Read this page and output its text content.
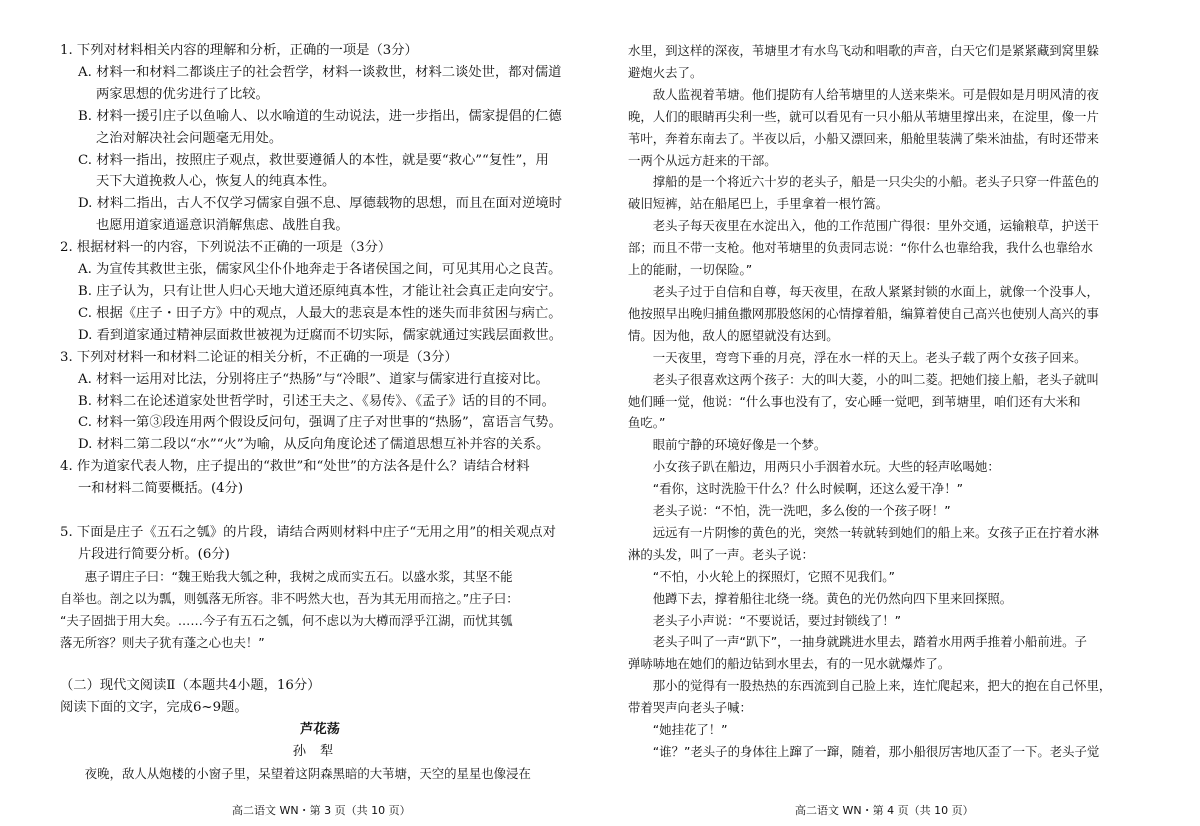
1. 下列对材料相关内容的理解和分析，正确的一项是（3分）
A. 材料一和材料二都谈庄子的社会哲学，材料一谈救世，材料二谈处世，都对儒道
两家思想的优劣进行了比较。
B. 材料一援引庄子以鱼喻人、以水喻道的生动说法，进一步指出，儒家提倡的仁德
之治对解决社会问题毫无用处。
C. 材料一指出，按照庄子观点，救世要遵循人的本性，就是要“救心”“复性”，用
天下大道挽救人心，恢复人的纯真本性。
D. 材料二指出，古人不仅学习儒家自强不息、厚德载物的思想，而且在面对逆境时
也愿用道家逍遥意识消解焦虑、战胜自我。
2. 根据材料一的内容，下列说法不正确的一项是（3分）
A. 为宣传其救世主张，儒家风尘仆仆地奔走于各诸侯国之间，可见其用心之良苦。
B. 庄子认为，只有让世人归心天地大道还原纯真本性，才能让社会真正走向安宁。
C. 根据《庄子・田子方》中的观点，人最大的悲哀是本性的迷失而非贫困与病亡。
D. 看到道家通过精神层面救世被视为迂腐而不切实际，儒家就通过实践层面救世。
3. 下列对材料一和材料二论证的相关分析，不正确的一项是（3分）
A. 材料一运用对比法，分别将庄子“热肠”与“冷眼”、道家与儒家进行直接对比。
B. 材料二在论述道家处世哲学时，引述王夫之、《易传》、《孟子》话的目的不同。
C. 材料一第③段连用两个假设反问句，强调了庄子对世事的“热肠”，富语言气势。
D. 材料二第二段以“水”“火”为喻，从反向角度论述了儒道思想互补并容的关系。
4. 作为道家代表人物，庄子提出的“救世”和“处世”的方法各是什么？请结合材料
一和材料二简要概括。(4分)
5. 下面是庄子《五石之瓠》的片段，请结合两则材料中庄子“无用之用”的相关观点对
片段进行简要分析。(6分)
惠子谓庄子曰：“魏王贻我大瓠之种，我树之成而实五石。以盛水浆，其坚不能
自举也。剖之以为瓢，则瓠落无所容。非不呺然大也，吾为其无用而掊之。”庄子曰：
“夫子固拙于用大矣。……今子有五石之瓠，何不虑以为大樽而浮乎江湖，而忧其瓠
落无所容？则夫子犹有蓬之心也夫！”
（二）现代文阅读Ⅱ（本题共4小题，16分）
阅读下面的文字，完成6~9题。
芦花荡
孙犁
夜晚，敌人从炮楼的小窗子里，呆望着这阴森黑暗的大苇塘，天空的星星也像浸在
水里，到这样的深夜，苇塘里才有水鸟飞动和唱歌的声音，白天它们是紧紧藏到窝里躲
避炮火去了。
敌人监视着苇塘。他们提防有人给苇塘里的人送来柴米。可是假如是月明风清的夜
晚，人们的眼睛再尖利一些，就可以看见有一只小船从苇塘里撑出来，在淀里，像一片
苇叶，奔着东南去了。半夜以后，小船又漂回来，船舱里装满了柴米油盐，有时还带来
一两个从远方赶来的干部。
撑船的是一个将近六十岁的老头子，船是一只尖尖的小船。老头子只穿一件蓝色的
破旧短裤，站在船尾巴上，手里拿着一根竹篙。
老头子每天夜里在水淀出入，他的工作范围广得很：里外交通，运输粮草，护送干
部；而且不带一支枪。他对苇塘里的负责同志说：“你什么也靠给我，我什么也靠给水
上的能耐，一切保险。”
老头子过于自信和自尊，每天夜里，在敌人紧紧封锁的水面上，就像一个没事人，
他按照早出晚归捕鱼撒网那股悠闲的心情撑着船，编算着使自己高兴也使别人高兴的事
情。因为他，敌人的愿望就没有达到。
一天夜里，弯弯下垂的月亮，浮在水一样的天上。老头子载了两个女孩子回来。
老头子很喜欢这两个孩子：大的叫大菱，小的叫二菱。把她们接上船，老头子就叫
她们睡一觉，他说：“什么事也没有了，安心睡一觉吧，到苇塘里，咱们还有大米和
鱼吃。”
眼前宁静的环境好像是一个梦。
小女孩子趴在船边，用两只小手洇着水玩。大些的轻声吆喝她：
“看你，这时洗脸干什么？什么时候啊，还这么爱干净！”
老头子说：“不怕，洗一洗吧，多么俊的一个孩子呀！”
远远有一片阴惨的黄色的光，突然一转就转到她们的船上来。女孩子正在拧着水淋
淋的头发，叫了一声。老头子说：
“不怕，小火轮上的探照灯，它照不见我们。”
他蹲下去，撑着船往北绕一绕。黄色的光仍然向四下里来回探照。
老头子小声说：“不要说话，要过封锁线了！”
老头子叫了一声“趴下”，一抽身就跳进水里去，踏着水用两手推着小船前进。子
弹哧哧地在她们的船边钻到水里去，有的一见水就爆炸了。
那小的觉得有一股热热的东西流到自己脸上来，连忙爬起来，把大的抱在自己怀里，
带着哭声向老头子喊：
“她挂花了！”
“谁？”老头子的身体往上蹿了一蹿，随着，那小船很厉害地仄歪了一下。老头子觉
高二语文 WN・第 3 页（共 10 页）	高二语文 WN・第 4 页（共 10 页）
